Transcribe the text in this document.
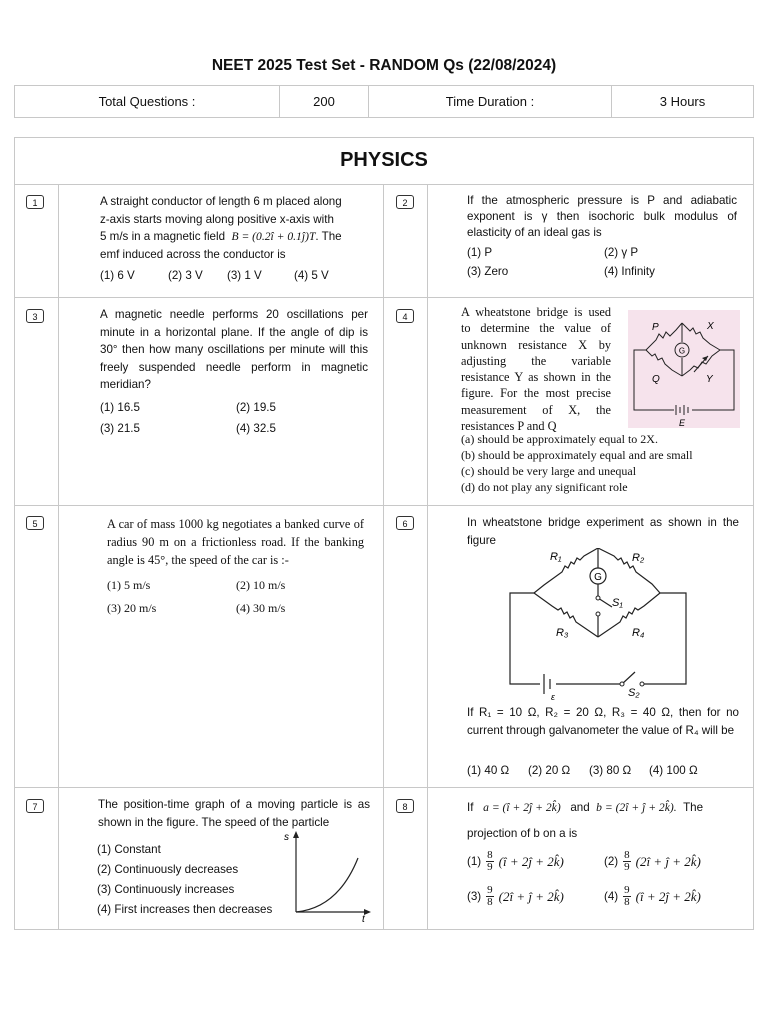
NEET 2025 Test Set - RANDOM Qs (22/08/2024)
Total Questions :	200	Time Duration :	3 Hours
PHYSICS
1	A straight conductor of length 6 m placed along
z-axis starts moving along positive x-axis with
5 m/s in a magnetic field B = (0.2î + 0.1ĵ)T. The
emf induced across the conductor is
(1) 6 V	(2) 3 V (3) 1 V	(4) 5 V
2	If the atmospheric pressure is P and adiabatic exponent is γ then isochoric bulk modulus of elasticity of an ideal gas is
(1) P	(2) γ P
(3) Zero	(4) Infinity
3	A magnetic needle performs 20 oscillations per minute in a horizontal plane. If the angle of dip is 30° then how many oscillations per minute will this freely suspended needle perform in magnetic meridian?
(1) 16.5	(2) 19.5
(3) 21.5	(4) 32.5
4	A wheatstone bridge is used to determine the value of unknown resistance X by adjusting the variable resistance Y as shown in the figure. For the most precise measurement of X, the resistances P and Q
G
P	X
Q	Y
E
(a) should be approximately equal to 2X.
(b) should be approximately equal and are small
(c) should be very large and unequal
(d) do not play any significant role
5	A car of mass 1000 kg negotiates a banked curve of radius 90 m on a frictionless road. If the banking angle is 45°, the speed of the car is :-
(1) 5 m/s	(2) 10 m/s
(3) 20 m/s	(4) 30 m/s
6	In wheatstone bridge experiment as shown in the figure
G
R₁	R₂
R₃	R₄
S₁
S₂
ε
If R₁ = 10 Ω, R₂ = 20 Ω, R₃ = 40 Ω, then for no current through galvanometer the value of R₄ will be
(1) 40 Ω (2) 20 Ω (3) 80 Ω (4) 100 Ω
7	The position-time graph of a moving particle is as shown in the figure. The speed of the particle
(1) Constant
(2) Continuously decreases
(3) Continuously increases
(4) First increases then decreases
s
t
8	If a = (î + 2ĵ + 2k̂) and b = (2î + ĵ + 2k̂). The
projection of b on a is
$(1) \frac{8}{9}$ (î + 2ĵ + 2k̂)	$(2) \frac{8}{9}$ (2î + ĵ + 2k̂)
$(3) \frac{9}{8}$ (2î + ĵ + 2k̂)	$(4) \frac{9}{8}$ (î + 2ĵ + 2k̂)
